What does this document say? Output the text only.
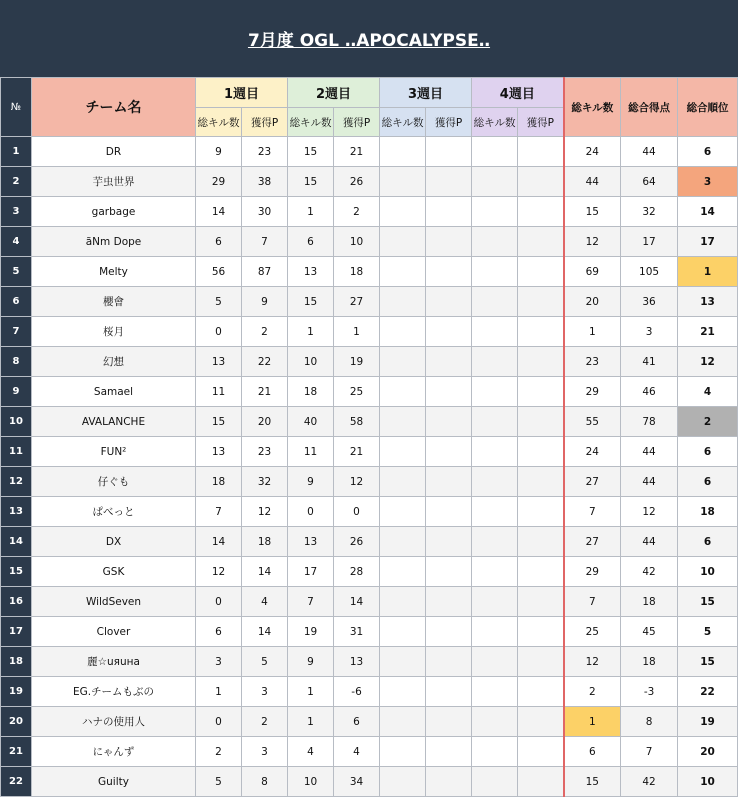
7月度 OGL ‥APOCALYPSE‥
№	チーム名	1週目		2週目		3週目		4週目		総キル数	総合得点	総合順位
		総キル数	獲得P	総キル数	獲得P	総キル数	獲得P	総キル数	獲得P			
1	DR	9	23	15	21					24	44	6
2	芋虫世界	29	38	15	26					44	64	3
3	garbage	14	30	1	2					15	32	14
4	ãNm Dope	6	7	6	10					12	17	17
5	Melty	56	87	13	18					69	105	1
6	櫻會	5	9	15	27					20	36	13
7	桜月	0	2	1	1					1	3	21
8	幻想	13	22	10	19					23	41	12
9	Samael	11	21	18	25					29	46	4
10	AVALANCHE	15	20	40	58					55	78	2
11	FUN²	13	23	11	21					24	44	6
12	仔ぐも	18	32	9	12					27	44	6
13	ぱべっと	7	12	0	0					7	12	18
14	DX	14	18	13	26					27	44	6
15	GSK	12	14	17	28					29	42	10
16	WildSeven	0	4	7	14					7	18	15
17	Clover	6	14	19	31					25	45	5
18	麗☆uяuнa	3	5	9	13					12	18	15
19	EG.チームもぶの	1	3	1	-6					2	-3	22
20	ハナの使用人	0	2	1	6					1	8	19
21	にゃんず	2	3	4	4					6	7	20
22	Guilty	5	8	10	34					15	42	10
